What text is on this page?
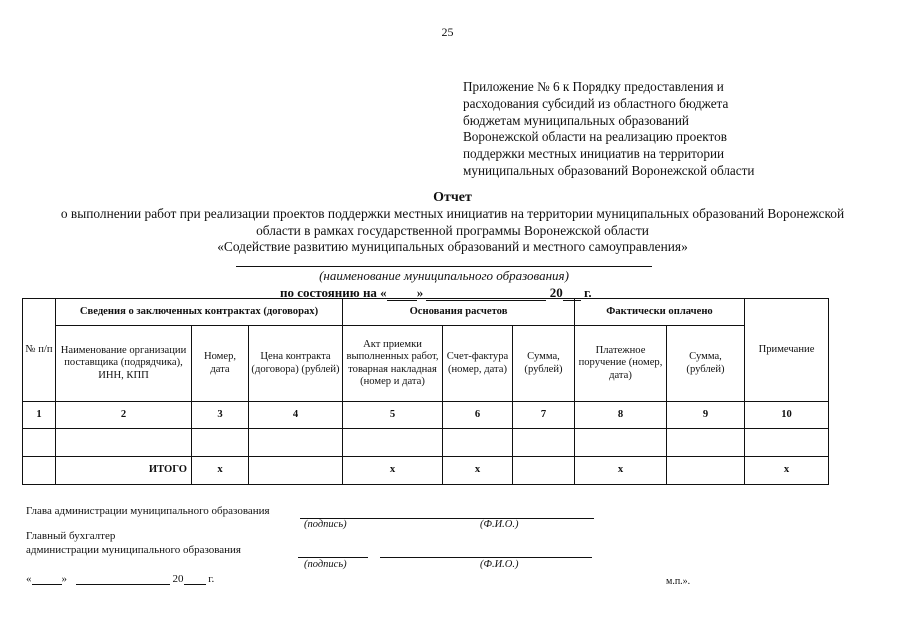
25
Приложение № 6 к Порядку предоставления и
расходования субсидий из областного бюджета
бюджетам муниципальных образований
Воронежской области на реализацию проектов
поддержки местных инициатив на территории
муниципальных образований Воронежской области
Отчет
о выполнении работ при реализации проектов поддержки местных инициатив на территории муниципальных образований Воронежской
области в рамках государственной программы Воронежской области
«Содействие развитию муниципальных образований и местного самоуправления»
(наименование муниципального образования)
по состоянию на « »	20 г.
№ п/п	Сведения о заключенных контрактах (договорах)			Основания расчетов			Фактически оплачено		Примечание
	Наименование организации поставщика (подрядчика), ИНН, КПП	Номер, дата	Цена контракта (договора) (рублей)	Акт приемки выполненных работ, товарная накладная (номер и дата)	Счет-фактура (номер, дата)	Сумма, (рублей)	Платежное поручение (номер, дата)	Сумма, (рублей)	
1	2	3	4	5	6	7	8	9	10

	ИТОГО	x		x	x		x		x
Глава администрации муниципального образования
(подпись)	(Ф.И.О.)
Главный бухгалтер
администрации муниципального образования
(подпись)	(Ф.И.О.)
«	»	20 г.	м.п.».
